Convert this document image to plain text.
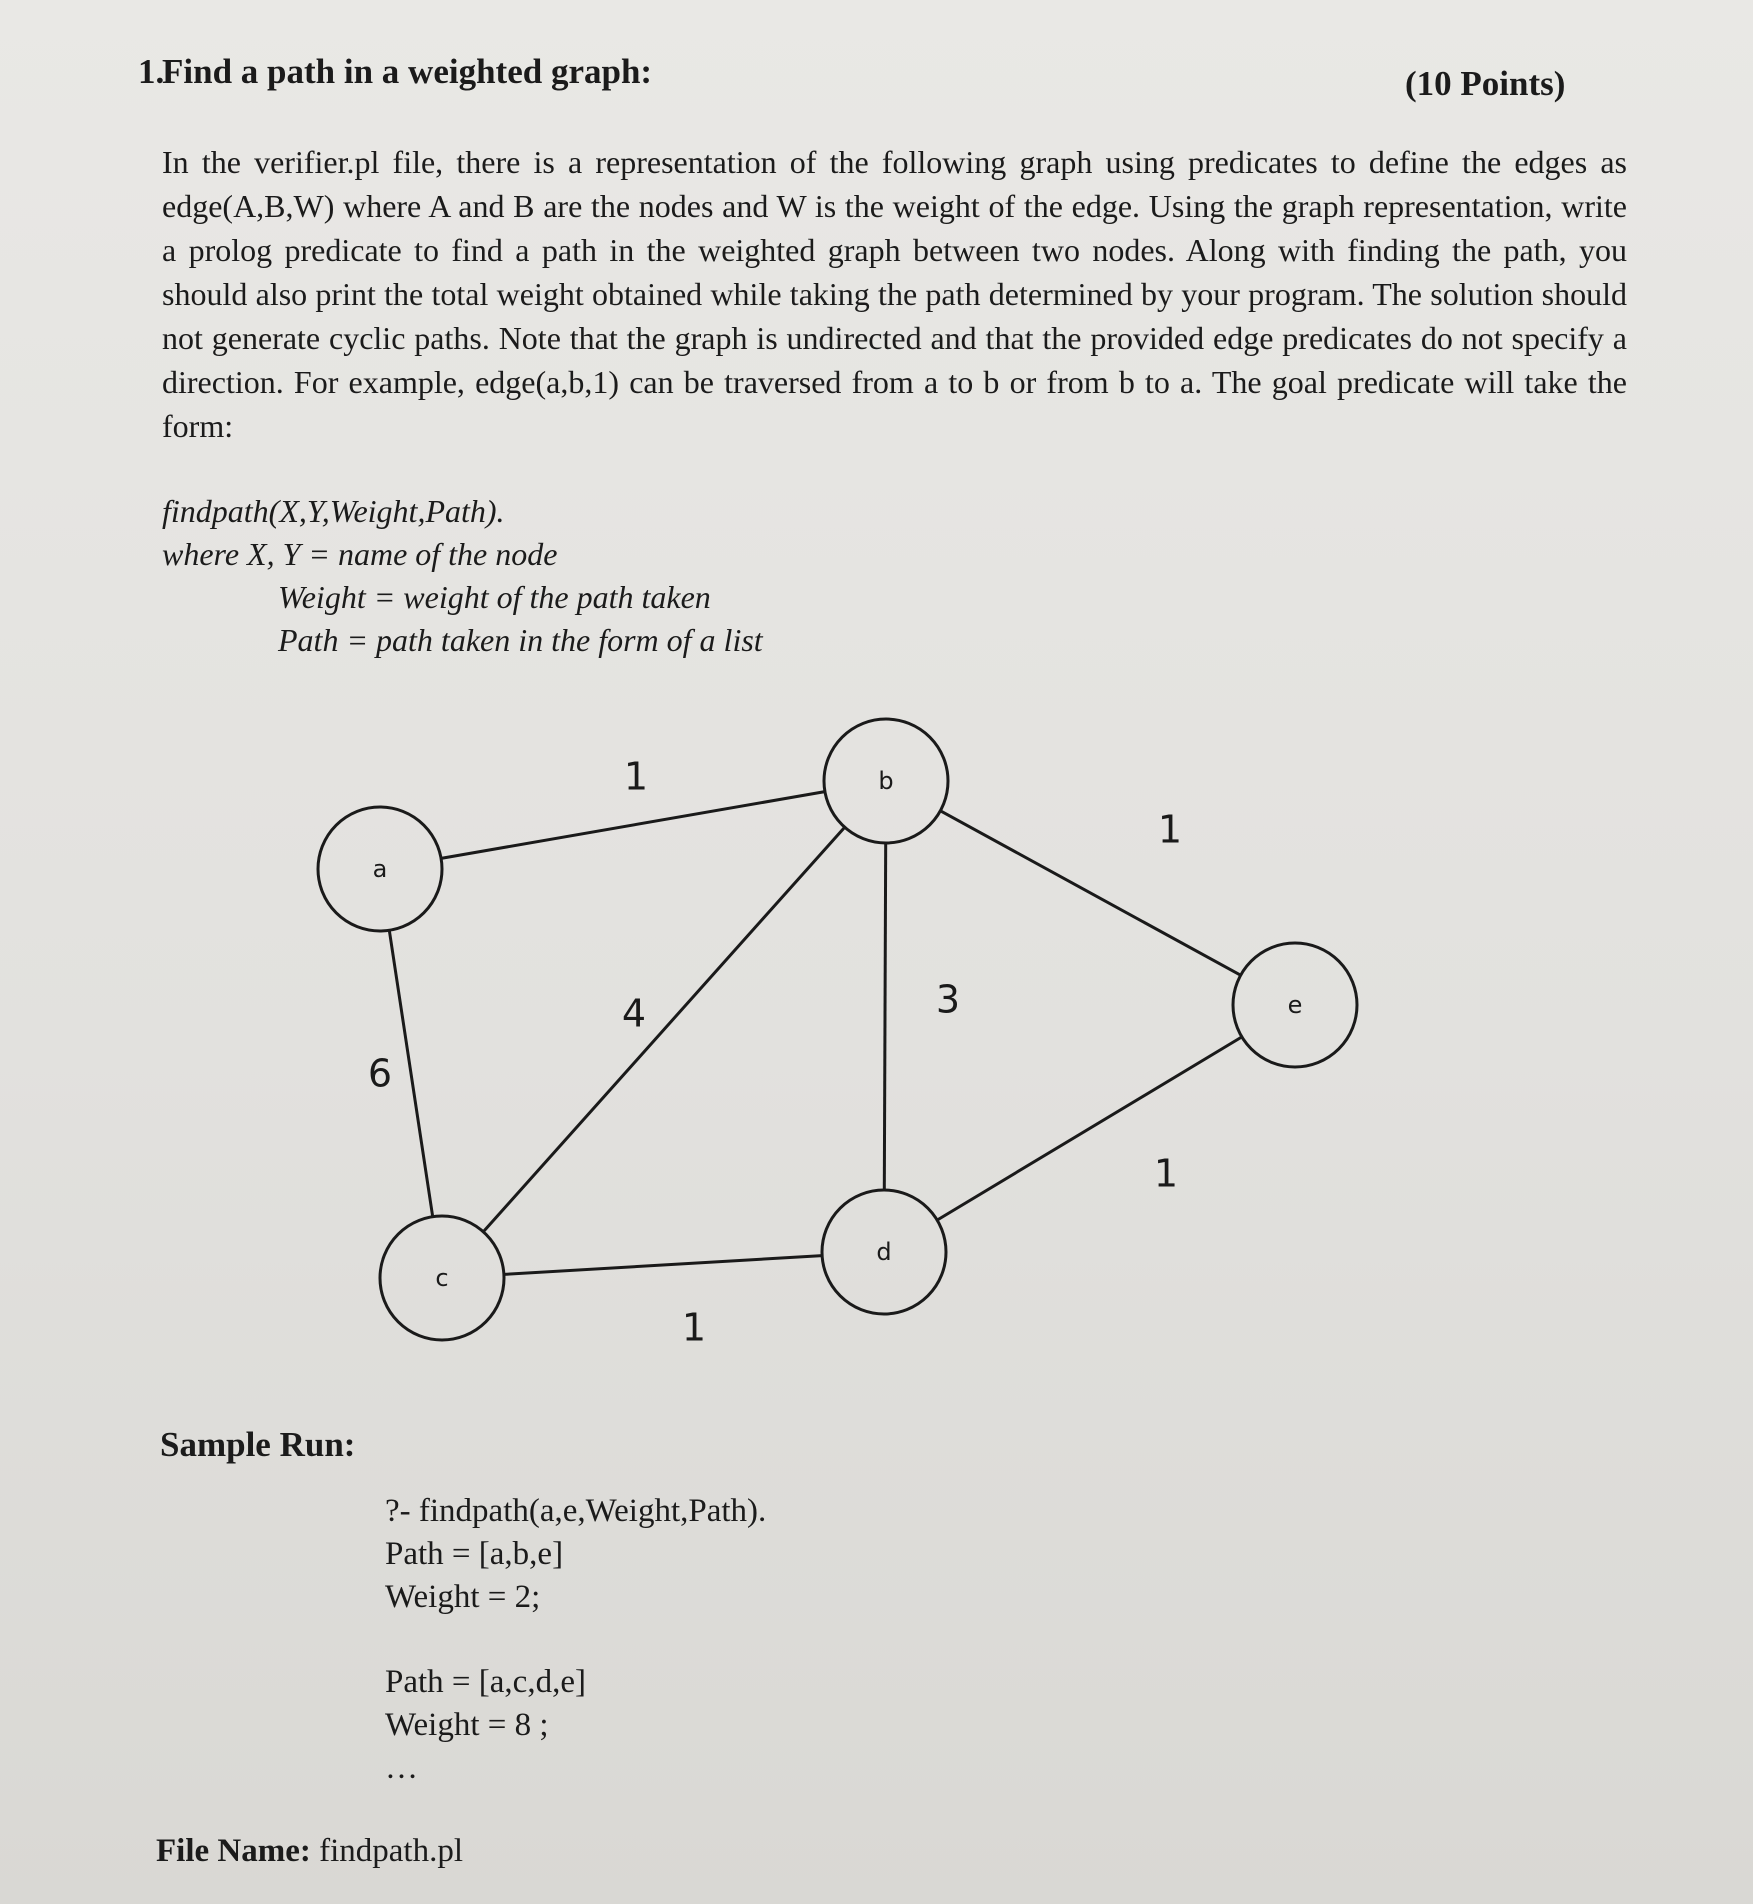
1.
Find a path in a weighted graph:	(10 Points)

In the verifier.pl file, there is a representation of the following graph using predicates to define the edges as edge(A,B,W) where A and B are the nodes and W is the weight of the edge. Using the graph representation, write a prolog predicate to find a path in the weighted graph between two nodes. Along with finding the path, you should also print the total weight obtained while taking the path determined by your program. The solution should not generate cyclic paths. Note that the graph is undirected and that the provided edge predicates do not specify a direction. For example, edge(a,b,1) can be traversed from a to b or from b to a. The goal predicate will take the form:

findpath(X,Y,Weight,Path).
where X, Y = name of the node
Weight = weight of the path taken
Path = path taken in the form of a list
1
6
4	3
1
1
1
a
b
c
d
e
Sample Run:
?- findpath(a,e,Weight,Path).
Path = [a,b,e]
Weight = 2;
Path = [a,c,d,e]
Weight = 8 ;
…
File Name: findpath.pl
